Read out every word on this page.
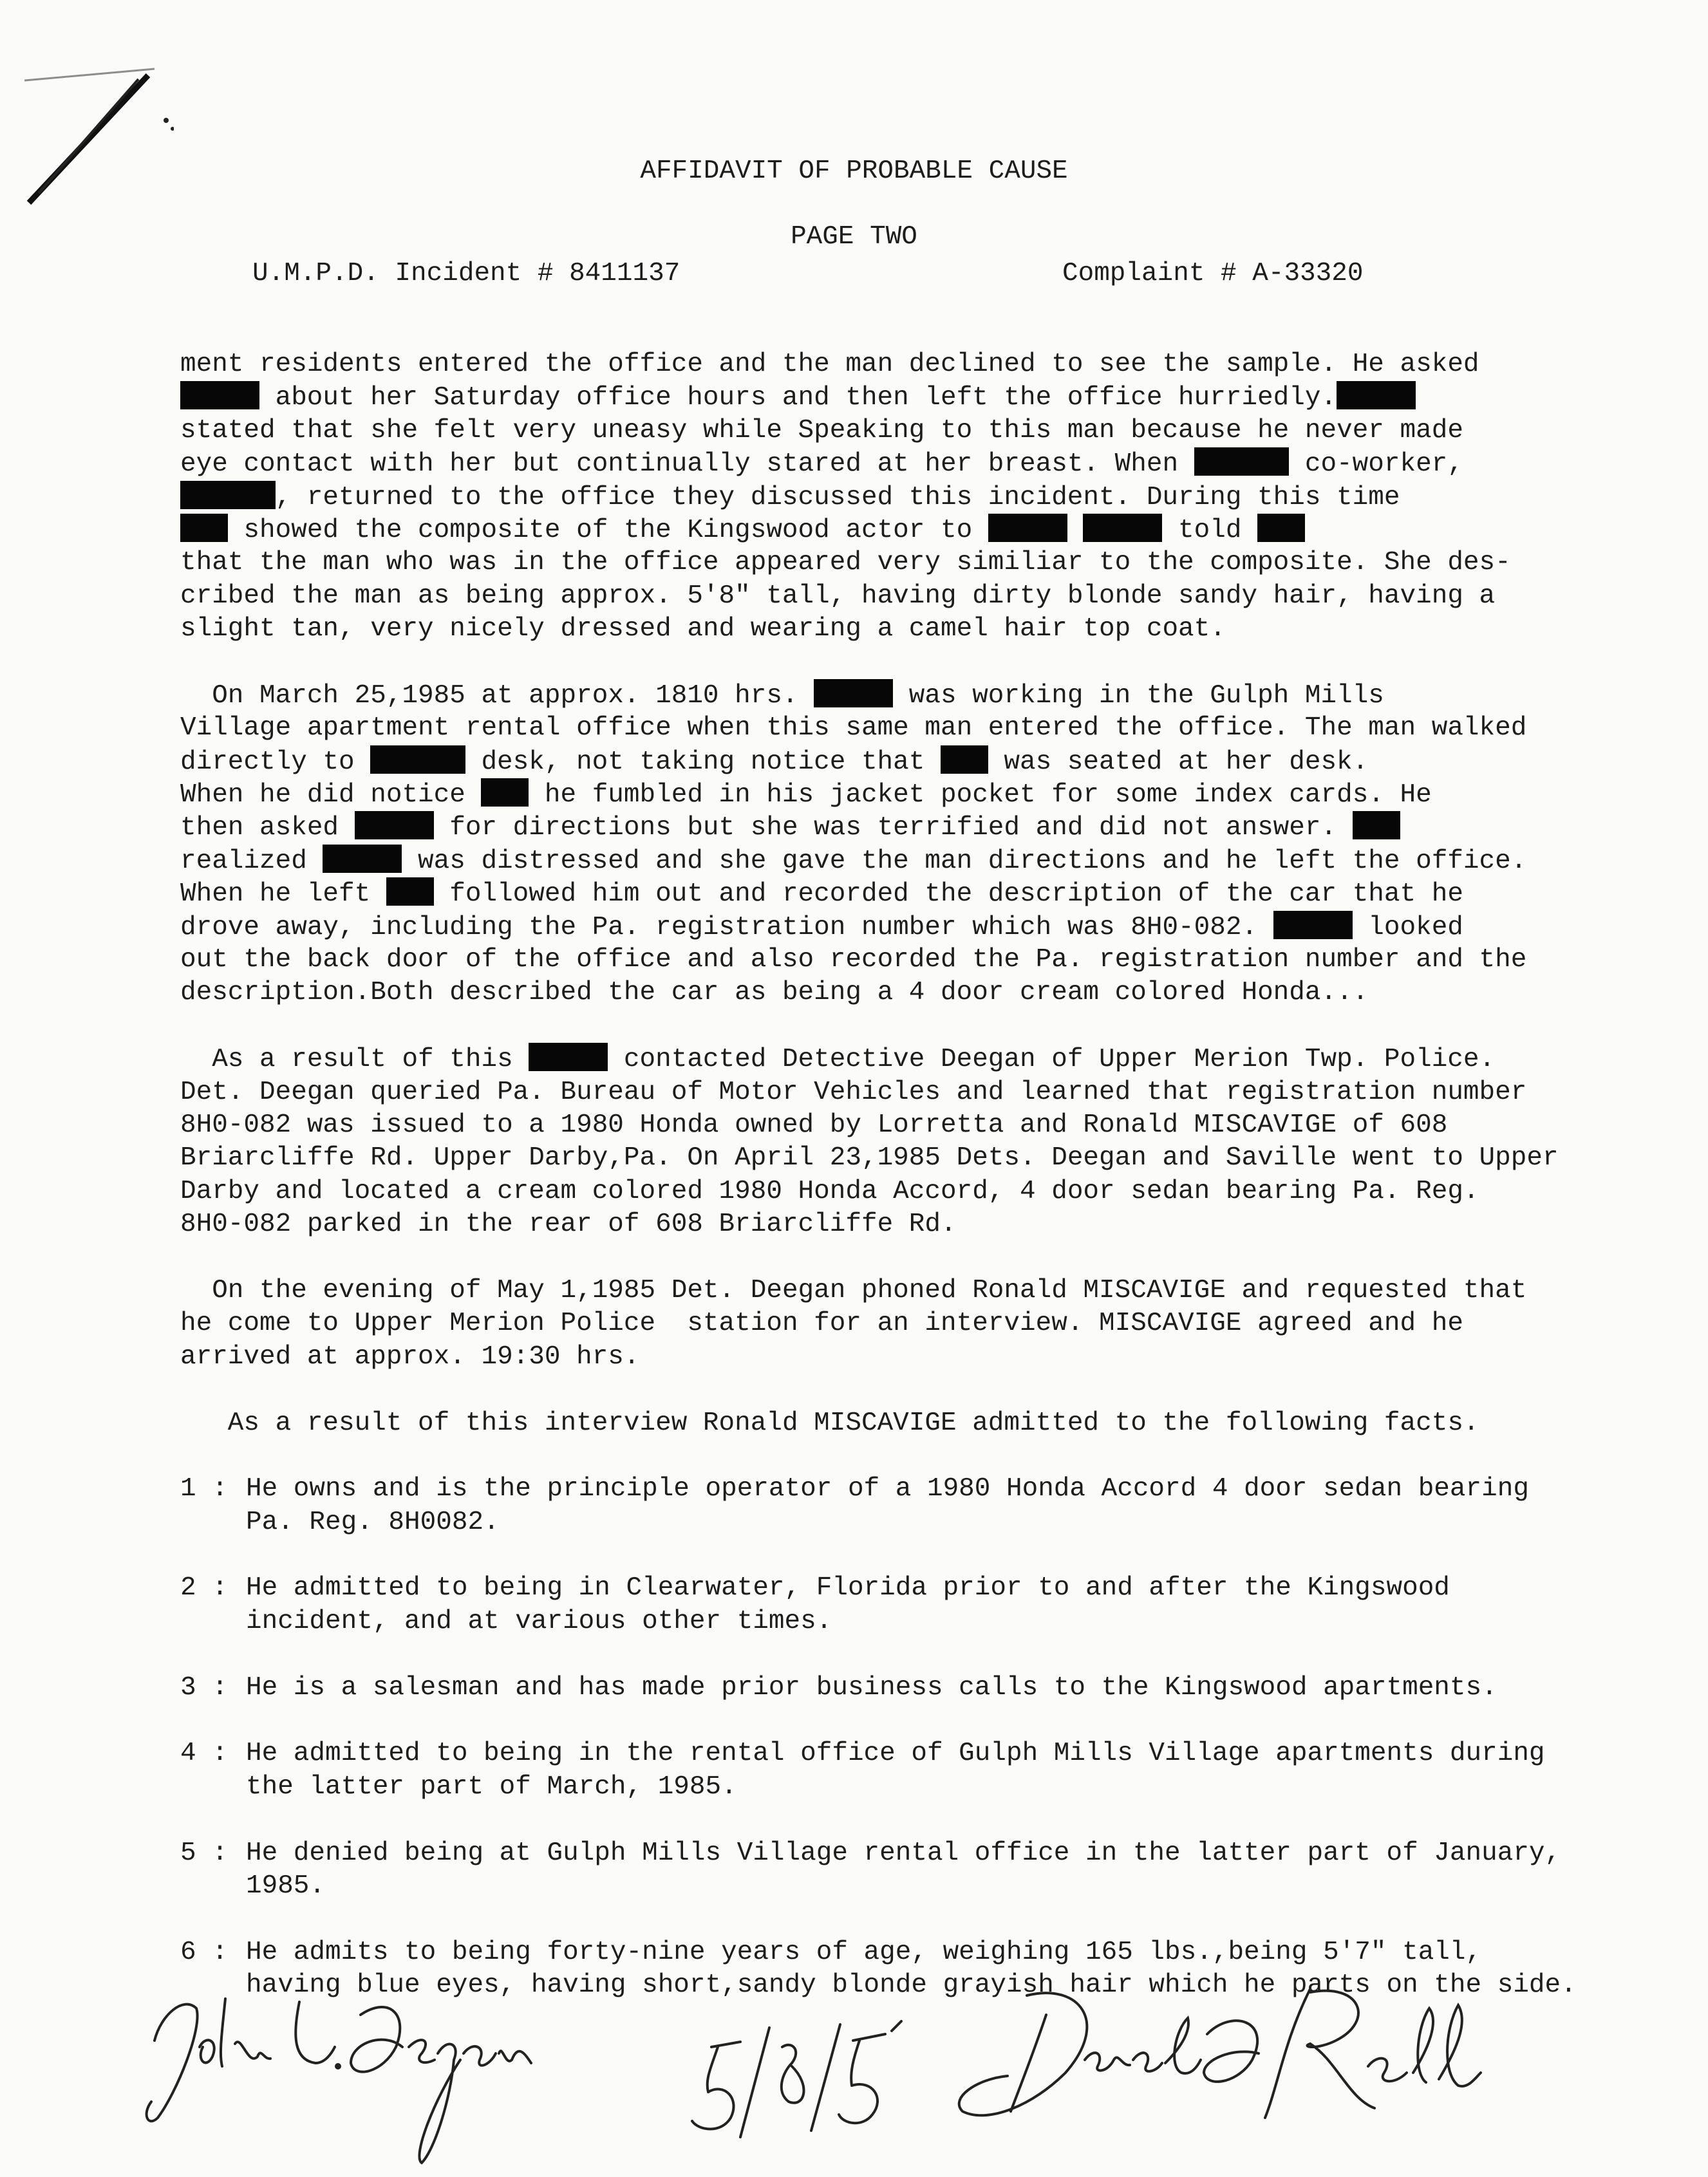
AFFIDAVIT OF PROBABLE CAUSE
PAGE TWO
U.M.P.D. Incident # 8411137	Complaint # A-33320
ment residents entered the office and the man declined to see the sample. He asked
about her Saturday office hours and then left the office hurriedly.
stated that she felt very uneasy while Speaking to this man because he never made
eye contact with her but continually stared at her breast. When	co-worker,
, returned to the office they discussed this incident. During this time
showed the composite of the Kingswood actor to	told
that the man who was in the office appeared very similiar to the composite. She des-
cribed the man as being approx. 5'8" tall, having dirty blonde sandy hair, having a
slight tan, very nicely dressed and wearing a camel hair top coat.
On March 25,1985 at approx. 1810 hrs.	was working in the Gulph Mills
Village apartment rental office when this same man entered the office. The man walked
directly to	desk, not taking notice that  was seated at her desk.
When he did notice  he fumbled in his jacket pocket for some index cards. He
then asked	for directions but she was terrified and did not answer.
realized	was distressed and she gave the man directions and he left the office.
When he left  followed him out and recorded the description of the car that he
drove away, including the Pa. registration number which was 8H0-082.	looked
out the back door of the office and also recorded the Pa. registration number and the
description.Both described the car as being a 4 door cream colored Honda...
As a result of this	contacted Detective Deegan of Upper Merion Twp. Police.
Det. Deegan queried Pa. Bureau of Motor Vehicles and learned that registration number
8H0-082 was issued to a 1980 Honda owned by Lorretta and Ronald MISCAVIGE of 608
Briarcliffe Rd. Upper Darby,Pa. On April 23,1985 Dets. Deegan and Saville went to Upper
Darby and located a cream colored 1980 Honda Accord, 4 door sedan bearing Pa. Reg.
8H0-082 parked in the rear of 608 Briarcliffe Rd.
On the evening of May 1,1985 Det. Deegan phoned Ronald MISCAVIGE and requested that
he come to Upper Merion Police  station for an interview. MISCAVIGE agreed and he
arrived at approx. 19:30 hrs.
As a result of this interview Ronald MISCAVIGE admitted to the following facts.
1 : He owns and is the principle operator of a 1980 Honda Accord 4 door sedan bearing
Pa. Reg. 8H0082.
2 : He admitted to being in Clearwater, Florida prior to and after the Kingswood
incident, and at various other times.
3 : He is a salesman and has made prior business calls to the Kingswood apartments.
4 : He admitted to being in the rental office of Gulph Mills Village apartments during
the latter part of March, 1985.
5 : He denied being at Gulph Mills Village rental office in the latter part of January,
1985.
6 : He admits to being forty-nine years of age, weighing 165 lbs.,being 5'7" tall,
having blue eyes, having short,sandy blonde grayish hair which he parts on the side.
